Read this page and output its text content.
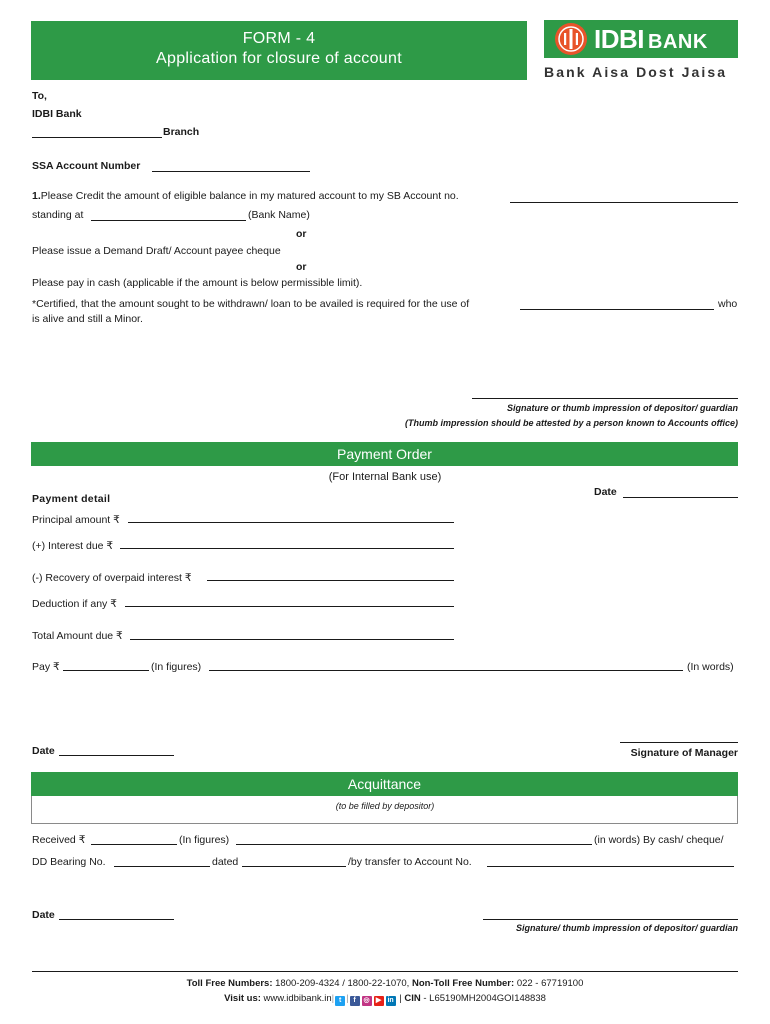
FORM - 4
Application for closure of account
IDBI BANK
Bank Aisa Dost Jaisa
To,
IDBI Bank
Branch
SSA Account Number
1.Please Credit the amount of eligible balance in my matured account to my SB Account no.
standing at	(Bank Name)
or
Please issue a Demand Draft/ Account payee cheque
or
Please pay in cash (applicable if the amount is below permissible limit).
*Certified, that the amount sought to be withdrawn/ loan to be availed is required for the use of	who
is alive and still a Minor.
Signature or thumb impression of depositor/ guardian
(Thumb impression should be attested by a person known to Accounts office)
Payment Order
(For Internal Bank use)
Payment detail
Date
Principal amount ₹
(+) Interest due ₹
(-) Recovery of overpaid interest ₹
Deduction if any ₹
Total Amount due ₹
Pay ₹	(In figures)	(In words)
Date	Signature of Manager
Acquittance
(to be filled by depositor)
Received ₹	(In figures)	(in words) By cash/ cheque/
DD Bearing No.	dated	/by transfer to Account No.
Date
Signature/ thumb impression of depositor/ guardian
Toll Free Numbers: 1800-209-4324 / 1800-22-1070, Non-Toll Free Number: 022 - 67719100
Visit us: www.idbibank.in| t | f ◎ ▶ in | CIN - L65190MH2004GOI148838
